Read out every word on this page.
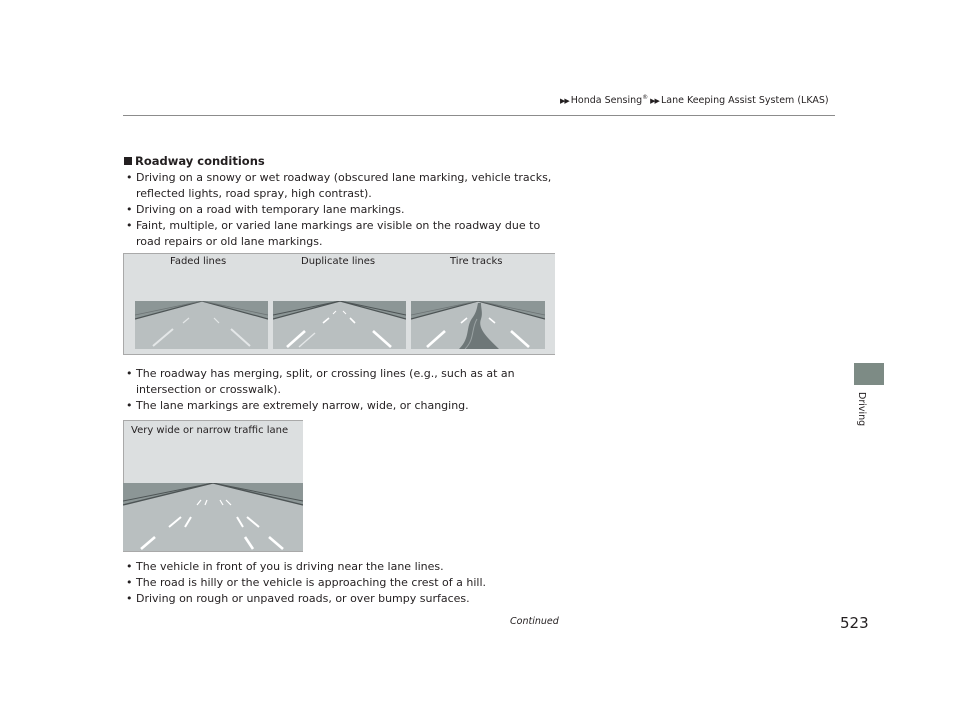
▶▶ Honda Sensing® ▶▶ Lane Keeping Assist System (LKAS)
Driving
Roadway conditions
• Driving on a snowy or wet roadway (obscured lane marking, vehicle tracks, reflected lights, road spray, high contrast).
• Driving on a road with temporary lane markings.
• Faint, multiple, or varied lane markings are visible on the roadway due to road repairs or old lane markings.
Faded lines	Duplicate lines	Tire tracks
• The roadway has merging, split, or crossing lines (e.g., such as at an intersection or crosswalk).
• The lane markings are extremely narrow, wide, or changing.
Very wide or narrow traffic lane
• The vehicle in front of you is driving near the lane lines.
• The road is hilly or the vehicle is approaching the crest of a hill.
• Driving on rough or unpaved roads, or over bumpy surfaces.
Continued	523
